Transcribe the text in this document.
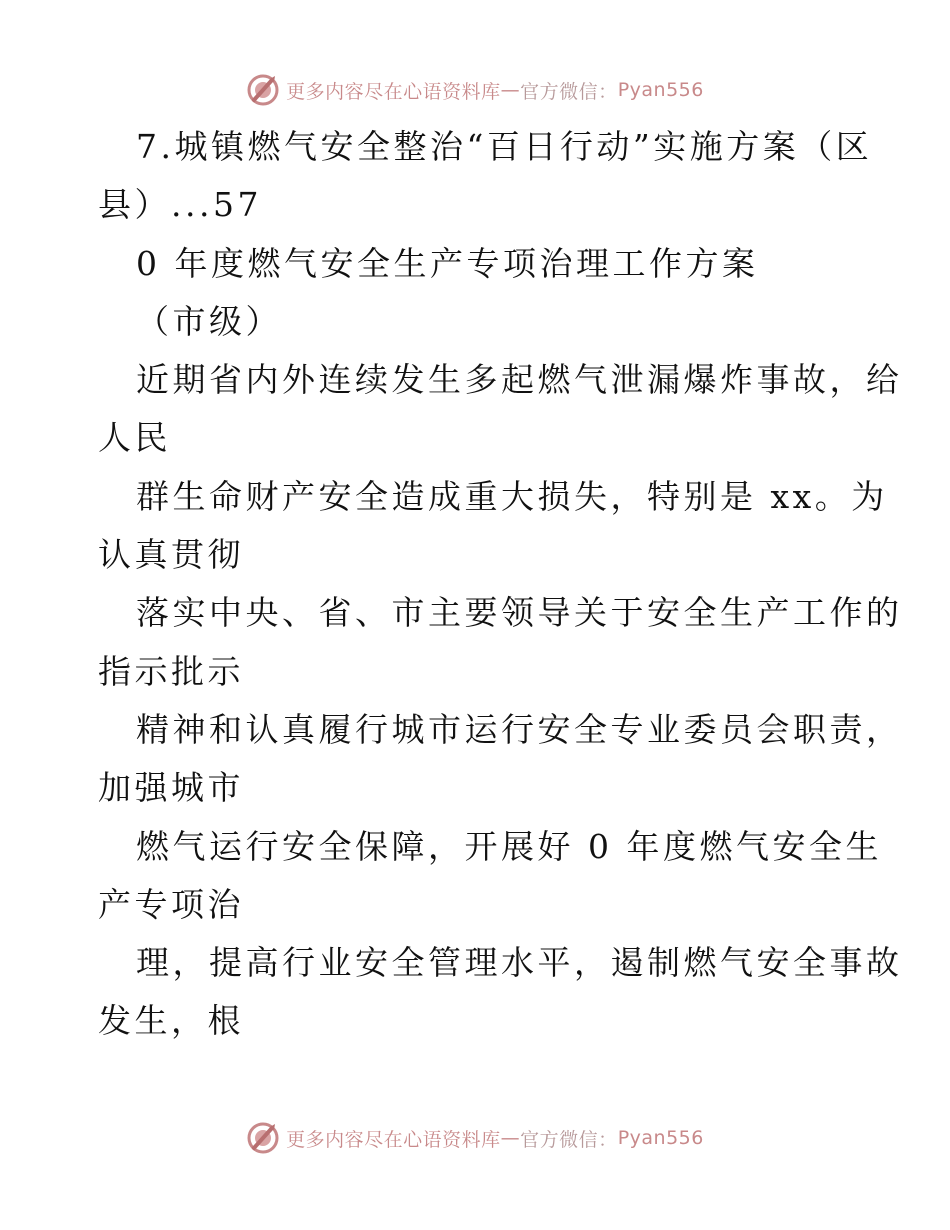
更多内容尽在心语资料库 — 官方微信： Pyan556
7.城镇燃气安全整治“百日行动”实施方案（区
县）...57
0 年度燃气安全生产专项治理工作方案
（市级）
近期省内外连续发生多起燃气泄漏爆炸事故，给
人民
群生命财产安全造成重大损失，特别是 xx。为
认真贯彻
落实中央、省、市主要领导关于安全生产工作的
指示批示
精神和认真履行城市运行安全专业委员会职责，
加强城市
燃气运行安全保障，开展好 0 年度燃气安全生
产专项治
理，提高行业安全管理水平，遏制燃气安全事故
发生，根
更多内容尽在心语资料库 — 官方微信： Pyan556
